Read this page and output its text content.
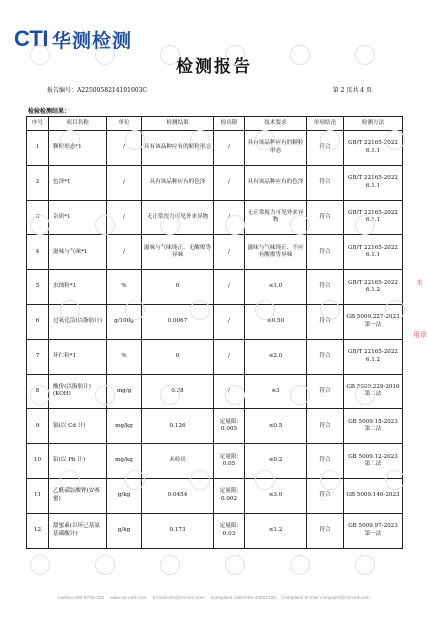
CTI 华测检测
检测报告
报告编号：A2250058214101003C	第 2 页共 4 页
检验检测结果：
序号	项目名称	单位	检测结果	检出限	技术要求	单项结论	检测方法
1	颗粒形态*1	/	具有该品种应有的颗粒形态	/	具有该品种应有的颗粒形态	符合	GB/T 22165-2022 6.1.1
2	色泽*1	/	具有该品种应有的色泽	/	具有该品种应有的色泽	符合	GB/T 22165-2022 6.1.1
3	杂质*1	/	无正常视力可见外来异物	/	无正常视力可见外来异物	符合	GB/T 22165-2022 6.1.1
4	滋味与气味*1	/	滋味与气味纯正、无酸败等异味	/	滋味与气味纯正、不应有酸败等异味	符合	GB/T 22165-2022 6.1.1
5	虫蚀粒*1	%	0	/	≤1.0	符合	GB/T 22165-2022 6.1.2
6	过氧化值(以脂肪计)	g/100g	0.0067	/	≤0.50	符合	GB 5009.227-2023 第一法
7	坏仁粒*1	%	0	/	≤2.0	符合	GB/T 22165-2022 6.1.2
8	酸价(以脂肪计)(KOH)	mg/g	0.28	/	≤3	符合	GB 5009.229-2016 第二法
9	镉(以 Cd 计)	mg/kg	0.126	定量限: 0.005	≤0.5	符合	GB 5009.15-2023 第二法
10	铅(以 Pb 计)	mg/kg	未检出	定量限: 0.05	≤0.2	符合	GB 5009.12-2023 第二法
11	乙酰磺胺酸钾(安赛蜜)	g/kg	0.0454	定量限: 0.002	≤3.0	符合	GB 5009.140-2023
12	甜蜜素(以环己基氨基磺酸计)	g/kg	0.173	定量限: 0.03	≤1.2	符合	GB 5009.97-2023 第一法
木
用章
Hotline:400-6788-333 www.cti-cert.com E-mail:info@cti-cert.com Complaint call:0755-33681700 Complaint E-mail:complaint@cti-cert.com
